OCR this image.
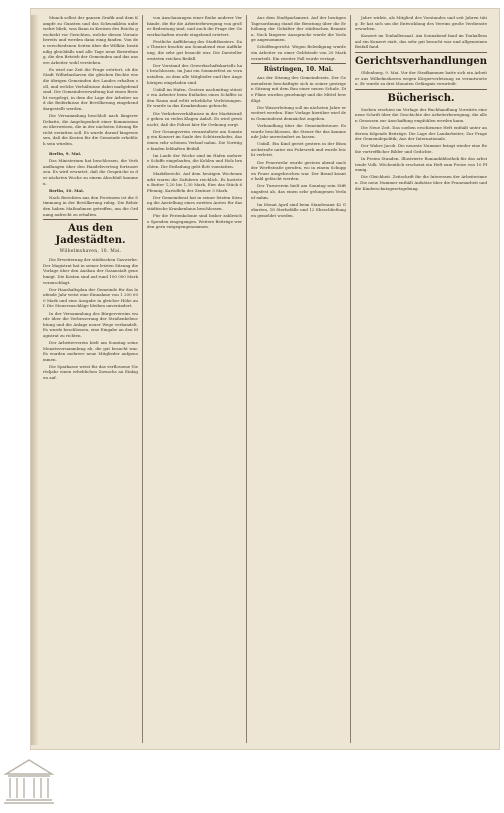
Munck selbst der ganzen Grafik und dem Kampfe zu Gunsten und das Schwanklein unbewehrt blieb, was Bann in Kreisen des Reichs geschieht vor Gerichten, welche diesen Vorsatz bereits und werden dann einig fanden. Von den verschiedenen Seiten über die Willkür, beständig gleichfalls und alle Tage neue Bestrebung, die den Betrieb der Gemeinden und das unsere Arbeiter wohl verstehen.

Es wird zur Zeit die Frage erörtert, ob die Stadt Wilhelmshaven die gleichen Rechte wie die übrigen Gemeinden des Landes erhalten soll, und welche Verhältnisse dabei maßgebend sind. Die Gemeindeverwaltung hat einen Bericht vorgelegt, in dem die Lage der Arbeiter und die Bedürfnisse der Bevölkerung eingehend dargestellt werden.

Die Versammlung beschloß nach längerer Debatte, die Angelegenheit einer Kommission zu überweisen, die in der nächsten Sitzung Bericht erstatten soll. Es wurde darauf hingewiesen, daß die Kosten für die Gemeinde erheblich sein würden.

Berlin, 9. Mai.

Das Ministerium hat beschlossen, die Verhandlungen über den Handelsvertrag fortzusetzen. Es wird erwartet, daß die Gespräche in der nächsten Woche zu einem Abschluß kommen.

Berlin, 10. Mai.

Nach Berichten aus den Provinzen ist die Stimmung in der Bevölkerung ruhig. Die Behörden haben Maßnahmen getroffen, um die Ordnung aufrecht zu erhalten.

Aus den Jadestädten.
Wilhelmshaven, 10. Mai.

Die Erweiterung der städtischen Gaswerke. Der Magistrat hat in seiner letzten Sitzung die Vorlage über den Ausbau der Gasanstalt genehmigt. Die Kosten sind auf rund 100 000 Mark veranschlagt.

Der Haushaltsplan der Gemeinde für das laufende Jahr weist eine Einnahme von 1 200 000 Mark und eine Ausgabe in gleicher Höhe auf. Die Steuerzuschläge bleiben unverändert.

In der Versammlung des Bürgervereins wurde über die Verbesserung der Straßenbeleuchtung und die Anlage neuer Wege verhandelt. Es wurde beschlossen, eine Eingabe an den Magistrat zu richten.

Der Arbeiterverein hielt am Sonntag seine Monatsversammlung ab, die gut besucht war. Es wurden mehrere neue Mitglieder aufgenommen.

Die Sparkasse weist für das verflossene Vierteljahr einen erheblichen Zuwachs an Einlagen auf.

von Anschauungen einer Reihe anderer Verbände, die für die Arbeiterbewegung von großer Bedeutung sind, und auch die Frage der Gewerkschaften wurde eingehend erörtert.

Festliche Aufführung des Stadttheaters. Das Theater brachte am Sonnabend eine Aufführung, die sehr gut besucht war. Die Darsteller ernteten reichen Beifall.

Der Vorstand des Gewerkschaftskartells hat beschlossen, im Juni ein Sommerfest zu veranstalten, zu dem alle Mitglieder und ihre Angehörigen eingeladen sind.

Unfall im Hafen. Gestern nachmittag stürzte ein Arbeiter beim Entladen eines Schiffes in den Raum und erlitt erhebliche Verletzungen. Er wurde in das Krankenhaus gebracht.

Die Verkehrsverhältnisse in der Marktstraße geben zu vielen Klagen Anlaß. Es wird gewünscht, daß die Polizei hier für Ordnung sorgt.

Der Gesangverein veranstaltete am Sonntag ein Konzert im Saale des Schützenhofes, das einen sehr schönen Verlauf nahm. Die Vorträge fanden lebhaften Beifall.

Im Laufe der Woche sind im Hafen mehrere Schiffe eingelaufen, die Kohlen und Holz brachten. Die Entladung geht flott vonstatten.

Marktbericht. Auf dem heutigen Wochenmarkt waren die Zufuhren reichlich. Es kosteten Butter 1,20 bis 1,30 Mark, Eier das Stück 6 Pfennig, Kartoffeln der Zentner 3 Mark.

Der Gemeinderat hat in seiner letzten Sitzung die Anstellung eines zweiten Arztes für das städtische Krankenhaus beschlossen.

Für die Ferienkolonie sind bisher zahlreiche Spenden eingegangen. Weitere Beiträge werden gern entgegengenommen.

Aus dem Stadtparlament. Auf der heutigen Tagesordnung stand die Beratung über die Erhöhung der Gehälter der städtischen Beamten. Nach längerer Aussprache wurde die Vorlage angenommen.

Schöffengericht. Wegen Beleidigung wurde ein Arbeiter zu einer Geldstrafe von 20 Mark verurteilt. Ein zweiter Fall wurde vertagt.

Rüstringen, 10. Mai.

Aus der Sitzung des Gemeinderats. Der Gemeinderat beschäftigte sich in seiner gestrigen Sitzung mit dem Bau einer neuen Schule. Die Pläne wurden genehmigt und die Mittel bewilligt.

Die Wasserleitung soll im nächsten Jahre erweitert werden. Eine Vorlage hierüber wird dem Gemeinderat demnächst zugehen.

Verhandlung über die Gemeindesteuer. Es wurde beschlossen, die Steuer für das kommende Jahr unverändert zu lassen.

Unfall. Ein Kind geriet gestern in der Bismarckstraße unter ein Fuhrwerk und wurde leicht verletzt.

Die Feuerwehr wurde gestern abend nach der Werftstraße gerufen, wo in einem Schuppen Feuer ausgebrochen war. Der Brand konnte bald gelöscht werden.

Der Turnverein hielt am Sonntag sein Stiftungsfest ab, das einen sehr gelungenen Verlauf nahm.

Im Monat April sind beim Standesamt 42 Geburten, 18 Sterbefälle und 12 Eheschließungen gemeldet worden.

Jahre wirkte, als Mitglied des Vorstandes und seit Jahren tätig. Er hat sich um die Entwicklung des Vereins große Verdienste erworben.

Konzert im Tonhallensaal. Am Sonnabend fand im Tonhallensaal ein Konzert statt, das sehr gut besucht war und allgemeinen Beifall fand.

Gerichtsverhandlungen

Oldenburg, 9. Mai. Vor der Strafkammer hatte sich ein Arbeiter aus Wilhelmshaven wegen Körperverletzung zu verantworten. Er wurde zu drei Monaten Gefängnis verurteilt.

Bücherisch.

Soeben erschien im Verlage der Buchhandlung Vorwärts eine neue Schrift über die Geschichte der Arbeiterbewegung, die allen Genossen zur Anschaffung empfohlen werden kann.

Die Neue Zeit. Das soeben erschienene Heft enthält unter anderem folgende Beiträge: Die Lage der Landarbeiter; Zur Frage der Gemeindepolitik; Aus der Internationale.

Der Wahre Jacob. Die neueste Nummer bringt wieder eine Reihe vortrefflicher Bilder und Gedichte.

In Freien Stunden. Illustrierte Romanbibliothek für das arbeitende Volk. Wöchentlich erscheint ein Heft zum Preise von 10 Pfennig.

Die Gleichheit. Zeitschrift für die Interessen der Arbeiterinnen. Die neue Nummer enthält Aufsätze über die Frauenarbeit und die Kinderschutzgesetzgebung.
